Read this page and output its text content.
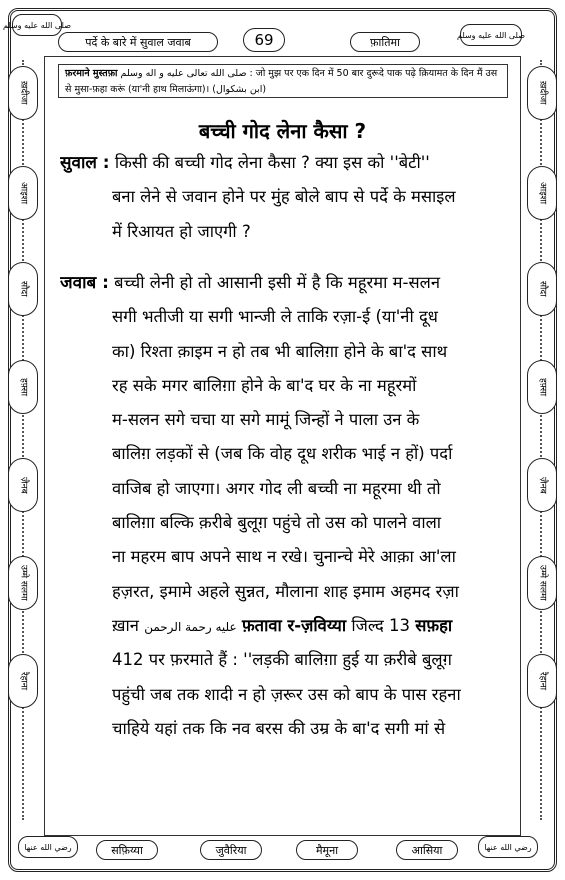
पर्दे के बारे में सुवाल जवाब	69	फ़ातिमा
صلى الله عليه وسلم
صلى الله عليه وسلم
ख़दीजा
आइशा
सौदा
हफ़्सा
ज़ैनब
उम्मे सलमा
रैहाना
ख़दीजा
आइशा
सौदा
हफ़्सा
ज़ैनब
उम्मे सलमा
रैहाना
फ़रमाने मुस्तफ़ा صلى الله تعالى عليه و اله وسلم : जो मुझ पर एक दिन में 50 बार दुरूदे पाक पढ़े क़ियामत के दिन मैं उस
से मुसा-फ़हा करूं (या'नी हाथ मिलाऊंगा)। (ابن بشكوال)
बच्ची गोद लेना कैसा ?
सुवाल : किसी की बच्ची गोद लेना कैसा ? क्या इस को ''बेटी''
बना लेने से जवान होने पर मुंह बोले बाप से पर्दे के मसाइल
में रिआयत हो जाएगी ?
जवाब : बच्ची लेनी हो तो आसानी इसी में है कि महूरमा म-सलन
सगी भतीजी या सगी भान्जी ले ताकि रज़ा-ई (या'नी दूध
का) रिश्ता क़ाइम न हो तब भी बालिग़ा होने के बा'द साथ
रह सके मगर बालिग़ा होने के बा'द घर के ना महूरमों
म-सलन सगे चचा या सगे मामूं जिन्हों ने पाला उन के
बालिग़ लड़कों से (जब कि वोह दूध शरीक भाई न हों) पर्दा
वाजिब हो जाएगा। अगर गोद ली बच्ची ना महूरमा थी तो
बालिग़ा बल्कि क़रीबे बुलूग़ पहुंचे तो उस को पालने वाला
ना महरम बाप अपने साथ न रखे। चुनान्चे मेरे आक़ा आ'ला
हज़रत, इमामे अहले सुन्नत, मौलाना शाह इमाम अहमद रज़ा
ख़ान عليه رحمة الرحمن फ़तावा र-ज़विय्या जिल्द 13 सफ़हा
412 पर फ़रमाते हैं : ''लड़की बालिग़ा हुई या क़रीबे बुलूग़
पहुंची जब तक शादी न हो ज़रूर उस को बाप के पास रहना
चाहिये यहां तक कि नव बरस की उम्र के बा'द सगी मां से
رضي الله عنها	सफ़िय्या	जुवैरिया	मैमूना	आसिया	رضي الله عنها
